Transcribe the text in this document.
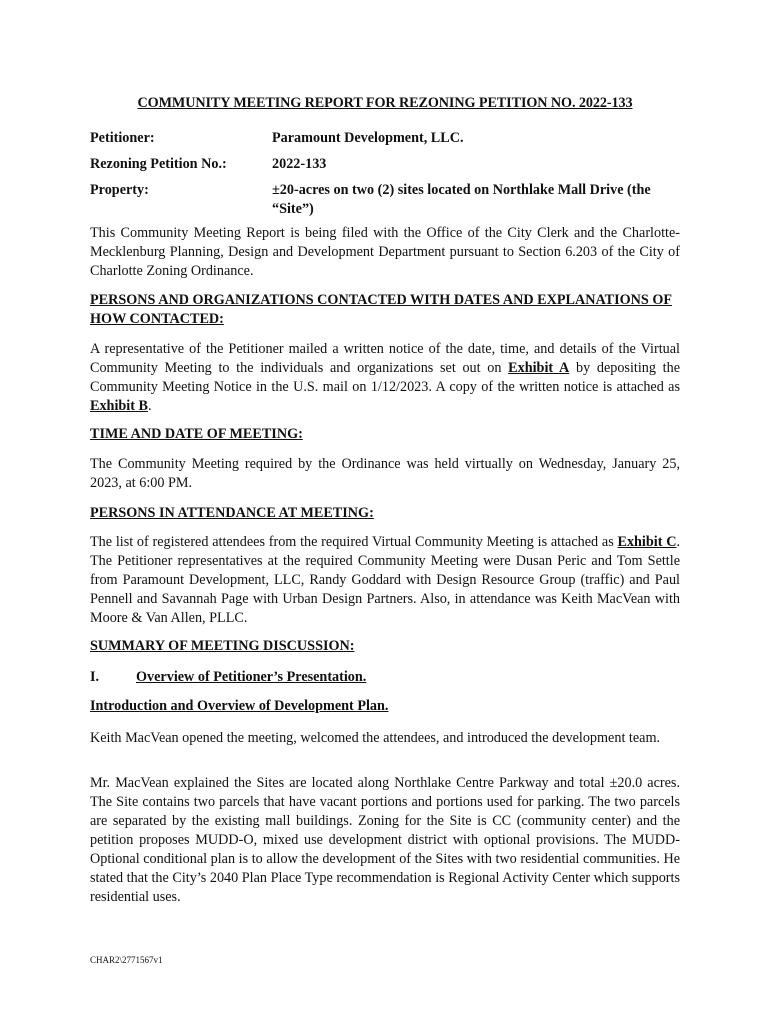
COMMUNITY MEETING REPORT FOR REZONING PETITION NO. 2022-133
Petitioner:	Paramount Development, LLC.
Rezoning Petition No.:	2022-133
Property:	±20-acres on two (2) sites located on Northlake Mall Drive (the “Site”)
This Community Meeting Report is being filed with the Office of the City Clerk and the Charlotte-Mecklenburg Planning, Design and Development Department pursuant to Section 6.203 of the City of Charlotte Zoning Ordinance.
PERSONS AND ORGANIZATIONS CONTACTED WITH DATES AND EXPLANATIONS OF HOW CONTACTED:
A representative of the Petitioner mailed a written notice of the date, time, and details of the Virtual Community Meeting to the individuals and organizations set out on Exhibit A by depositing the Community Meeting Notice in the U.S. mail on 1/12/2023. A copy of the written notice is attached as Exhibit B.
TIME AND DATE OF MEETING:
The Community Meeting required by the Ordinance was held virtually on Wednesday, January 25, 2023, at 6:00 PM.
PERSONS IN ATTENDANCE AT MEETING:
The list of registered attendees from the required Virtual Community Meeting is attached as Exhibit C. The Petitioner representatives at the required Community Meeting were Dusan Peric and Tom Settle from Paramount Development, LLC, Randy Goddard with Design Resource Group (traffic) and Paul Pennell and Savannah Page with Urban Design Partners. Also, in attendance was Keith MacVean with Moore & Van Allen, PLLC.
SUMMARY OF MEETING DISCUSSION:
I.	Overview of Petitioner’s Presentation.
Introduction and Overview of Development Plan.
Keith MacVean opened the meeting, welcomed the attendees, and introduced the development team.
Mr. MacVean explained the Sites are located along Northlake Centre Parkway and total ±20.0 acres. The Site contains two parcels that have vacant portions and portions used for parking. The two parcels are separated by the existing mall buildings. Zoning for the Site is CC (community center) and the petition proposes MUDD-O, mixed use development district with optional provisions. The MUDD-Optional conditional plan is to allow the development of the Sites with two residential communities. He stated that the City’s 2040 Plan Place Type recommendation is Regional Activity Center which supports residential uses.
CHAR2\2771567v1
